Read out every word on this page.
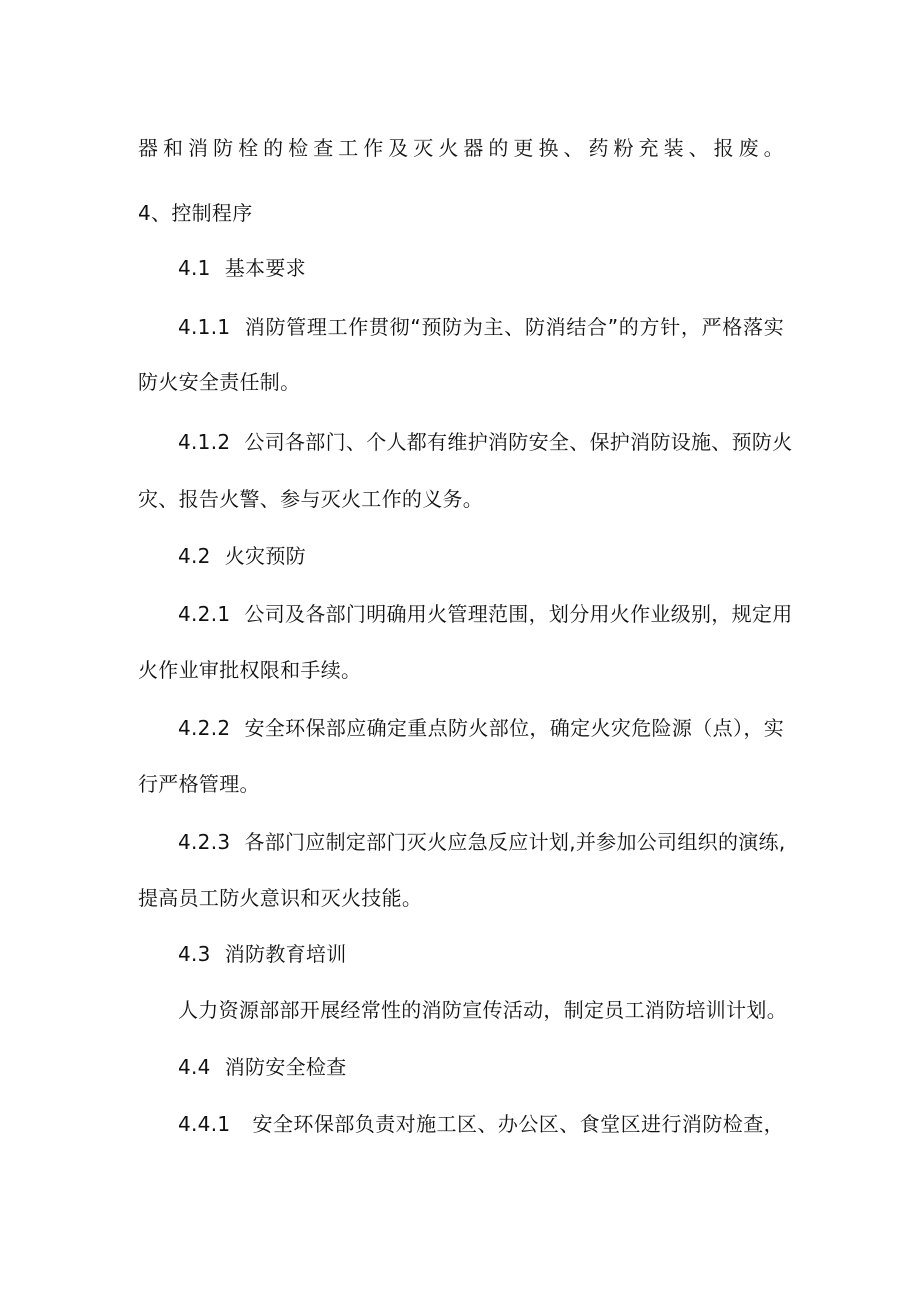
器和消防栓的检查工作及灭火器的更换、药粉充装、报废。
4、控制程序
4.1 基本要求
4.1.1 消防管理工作贯彻“预防为主、防消结合”的方针，严格落实
防火安全责任制。
4.1.2 公司各部门、个人都有维护消防安全、保护消防设施、预防火
灾、报告火警、参与灭火工作的义务。
4.2 火灾预防
4.2.1 公司及各部门明确用火管理范围，划分用火作业级别，规定用
火作业审批权限和手续。
4.2.2 安全环保部应确定重点防火部位，确定火灾危险源（点），实
行严格管理。
4.2.3 各部门应制定部门灭火应急反应计划,并参加公司组织的演练,
提高员工防火意识和灭火技能。
4.3 消防教育培训
人力资源部部开展经常性的消防宣传活动，制定员工消防培训计划。
4.4 消防安全检查
4.4.1 安全环保部负责对施工区、办公区、食堂区进行消防检查，
